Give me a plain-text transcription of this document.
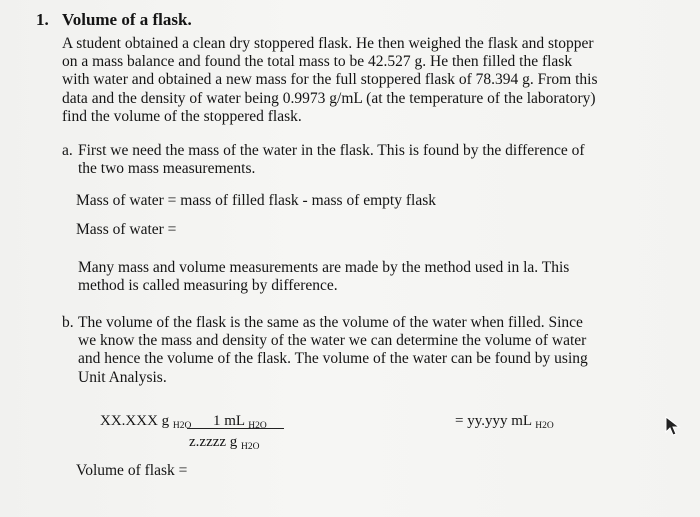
1. Volume of a flask.
A student obtained a clean dry stoppered flask. He then weighed the flask and stopper
on a mass balance and found the total mass to be 42.527 g. He then filled the flask
with water and obtained a new mass for the full stoppered flask of 78.394 g. From this
data and the density of water being 0.9973 g/mL (at the temperature of the laboratory)
find the volume of the stoppered flask.
a. First we need the mass of the water in the flask. This is found by the difference of
the two mass measurements.
Mass of water = mass of filled flask - mass of empty flask
Mass of water =
Many mass and volume measurements are made by the method used in la. This
method is called measuring by difference.
b. The volume of the flask is the same as the volume of the water when filled. Since
we know the mass and density of the water we can determine the volume of water
and hence the volume of the flask. The volume of the water can be found by using
Unit Analysis.
XX.XXX g $_{H2O}$ 1 mL $_{H2O}$
z.zzzz g $_{H2O}$
= yy.yyy mL $_{H2O}$
Volume of flask =
